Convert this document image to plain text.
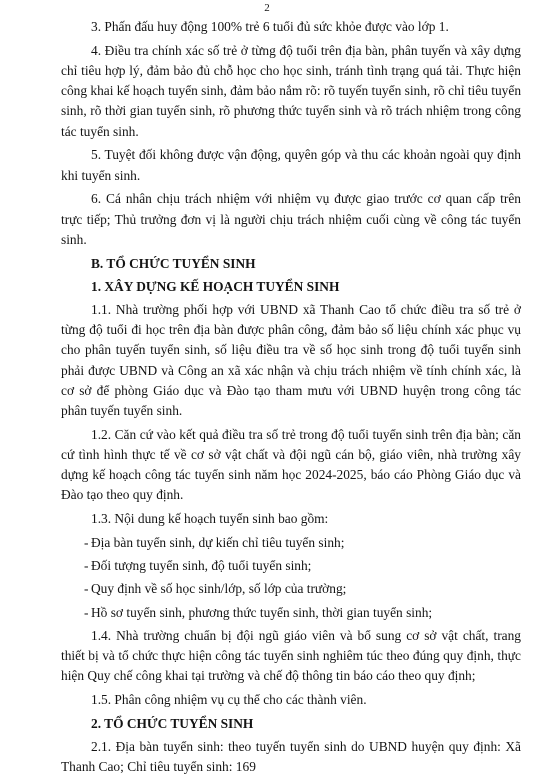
2

3. Phấn đấu huy động 100% trẻ 6 tuổi đủ sức khỏe được vào lớp 1.

4. Điều tra chính xác số trẻ ở từng độ tuổi trên địa bàn, phân tuyến và xây dựng chỉ tiêu hợp lý, đảm bảo đủ chỗ học cho học sinh, tránh tình trạng quá tải. Thực hiện công khai kế hoạch tuyển sinh, đảm bảo nắm rõ: rõ tuyến tuyển sinh, rõ chỉ tiêu tuyển sinh, rõ thời gian tuyển sinh, rõ phương thức tuyển sinh và rõ trách nhiệm trong công tác tuyển sinh.

5. Tuyệt đối không được vận động, quyên góp và thu các khoản ngoài quy định khi tuyển sinh.

6. Cá nhân chịu trách nhiệm với nhiệm vụ được giao trước cơ quan cấp trên trực tiếp; Thủ trưởng đơn vị là người chịu trách nhiệm cuối cùng về công tác tuyển sinh.

B. TỔ CHỨC TUYỂN SINH

1. XÂY DỰNG KẾ HOẠCH TUYỂN SINH

1.1. Nhà trường phối hợp với UBND xã Thanh Cao tổ chức điều tra số trẻ ở từng độ tuổi đi học trên địa bàn được phân công, đảm bảo số liệu chính xác phục vụ cho phân tuyến tuyển sinh, số liệu điều tra về số học sinh trong độ tuổi tuyển sinh phải được UBND và Công an xã xác nhận và chịu trách nhiệm về tính chính xác, là cơ sở để phòng Giáo dục và Đào tạo tham mưu với UBND huyện trong công tác phân tuyến tuyển sinh.

1.2. Căn cứ vào kết quả điều tra số trẻ trong độ tuổi tuyển sinh trên địa bàn; căn cứ tình hình thực tế về cơ sở vật chất và đội ngũ cán bộ, giáo viên, nhà trường xây dựng kế hoạch công tác tuyển sinh năm học 2024-2025, báo cáo Phòng Giáo dục và Đào tạo theo quy định.

1.3. Nội dung kế hoạch tuyển sinh bao gồm:

- Địa bàn tuyển sinh, dự kiến chỉ tiêu tuyển sinh;

- Đối tượng tuyển sinh, độ tuổi tuyển sinh;

- Quy định về số học sinh/lớp, số lớp của trường;

- Hồ sơ tuyển sinh, phương thức tuyển sinh, thời gian tuyển sinh;

1.4. Nhà trường chuẩn bị đội ngũ giáo viên và bổ sung cơ sở vật chất, trang thiết bị và tổ chức thực hiện công tác tuyển sinh nghiêm túc theo đúng quy định, thực hiện Quy chế công khai tại trường và chế độ thông tin báo cáo theo quy định;

1.5. Phân công nhiệm vụ cụ thể cho các thành viên.

2. TỔ CHỨC TUYỂN SINH

2.1. Địa bàn tuyển sinh: theo tuyến tuyển sinh do UBND huyện quy định: Xã Thanh Cao; Chỉ tiêu tuyển sinh: 169
